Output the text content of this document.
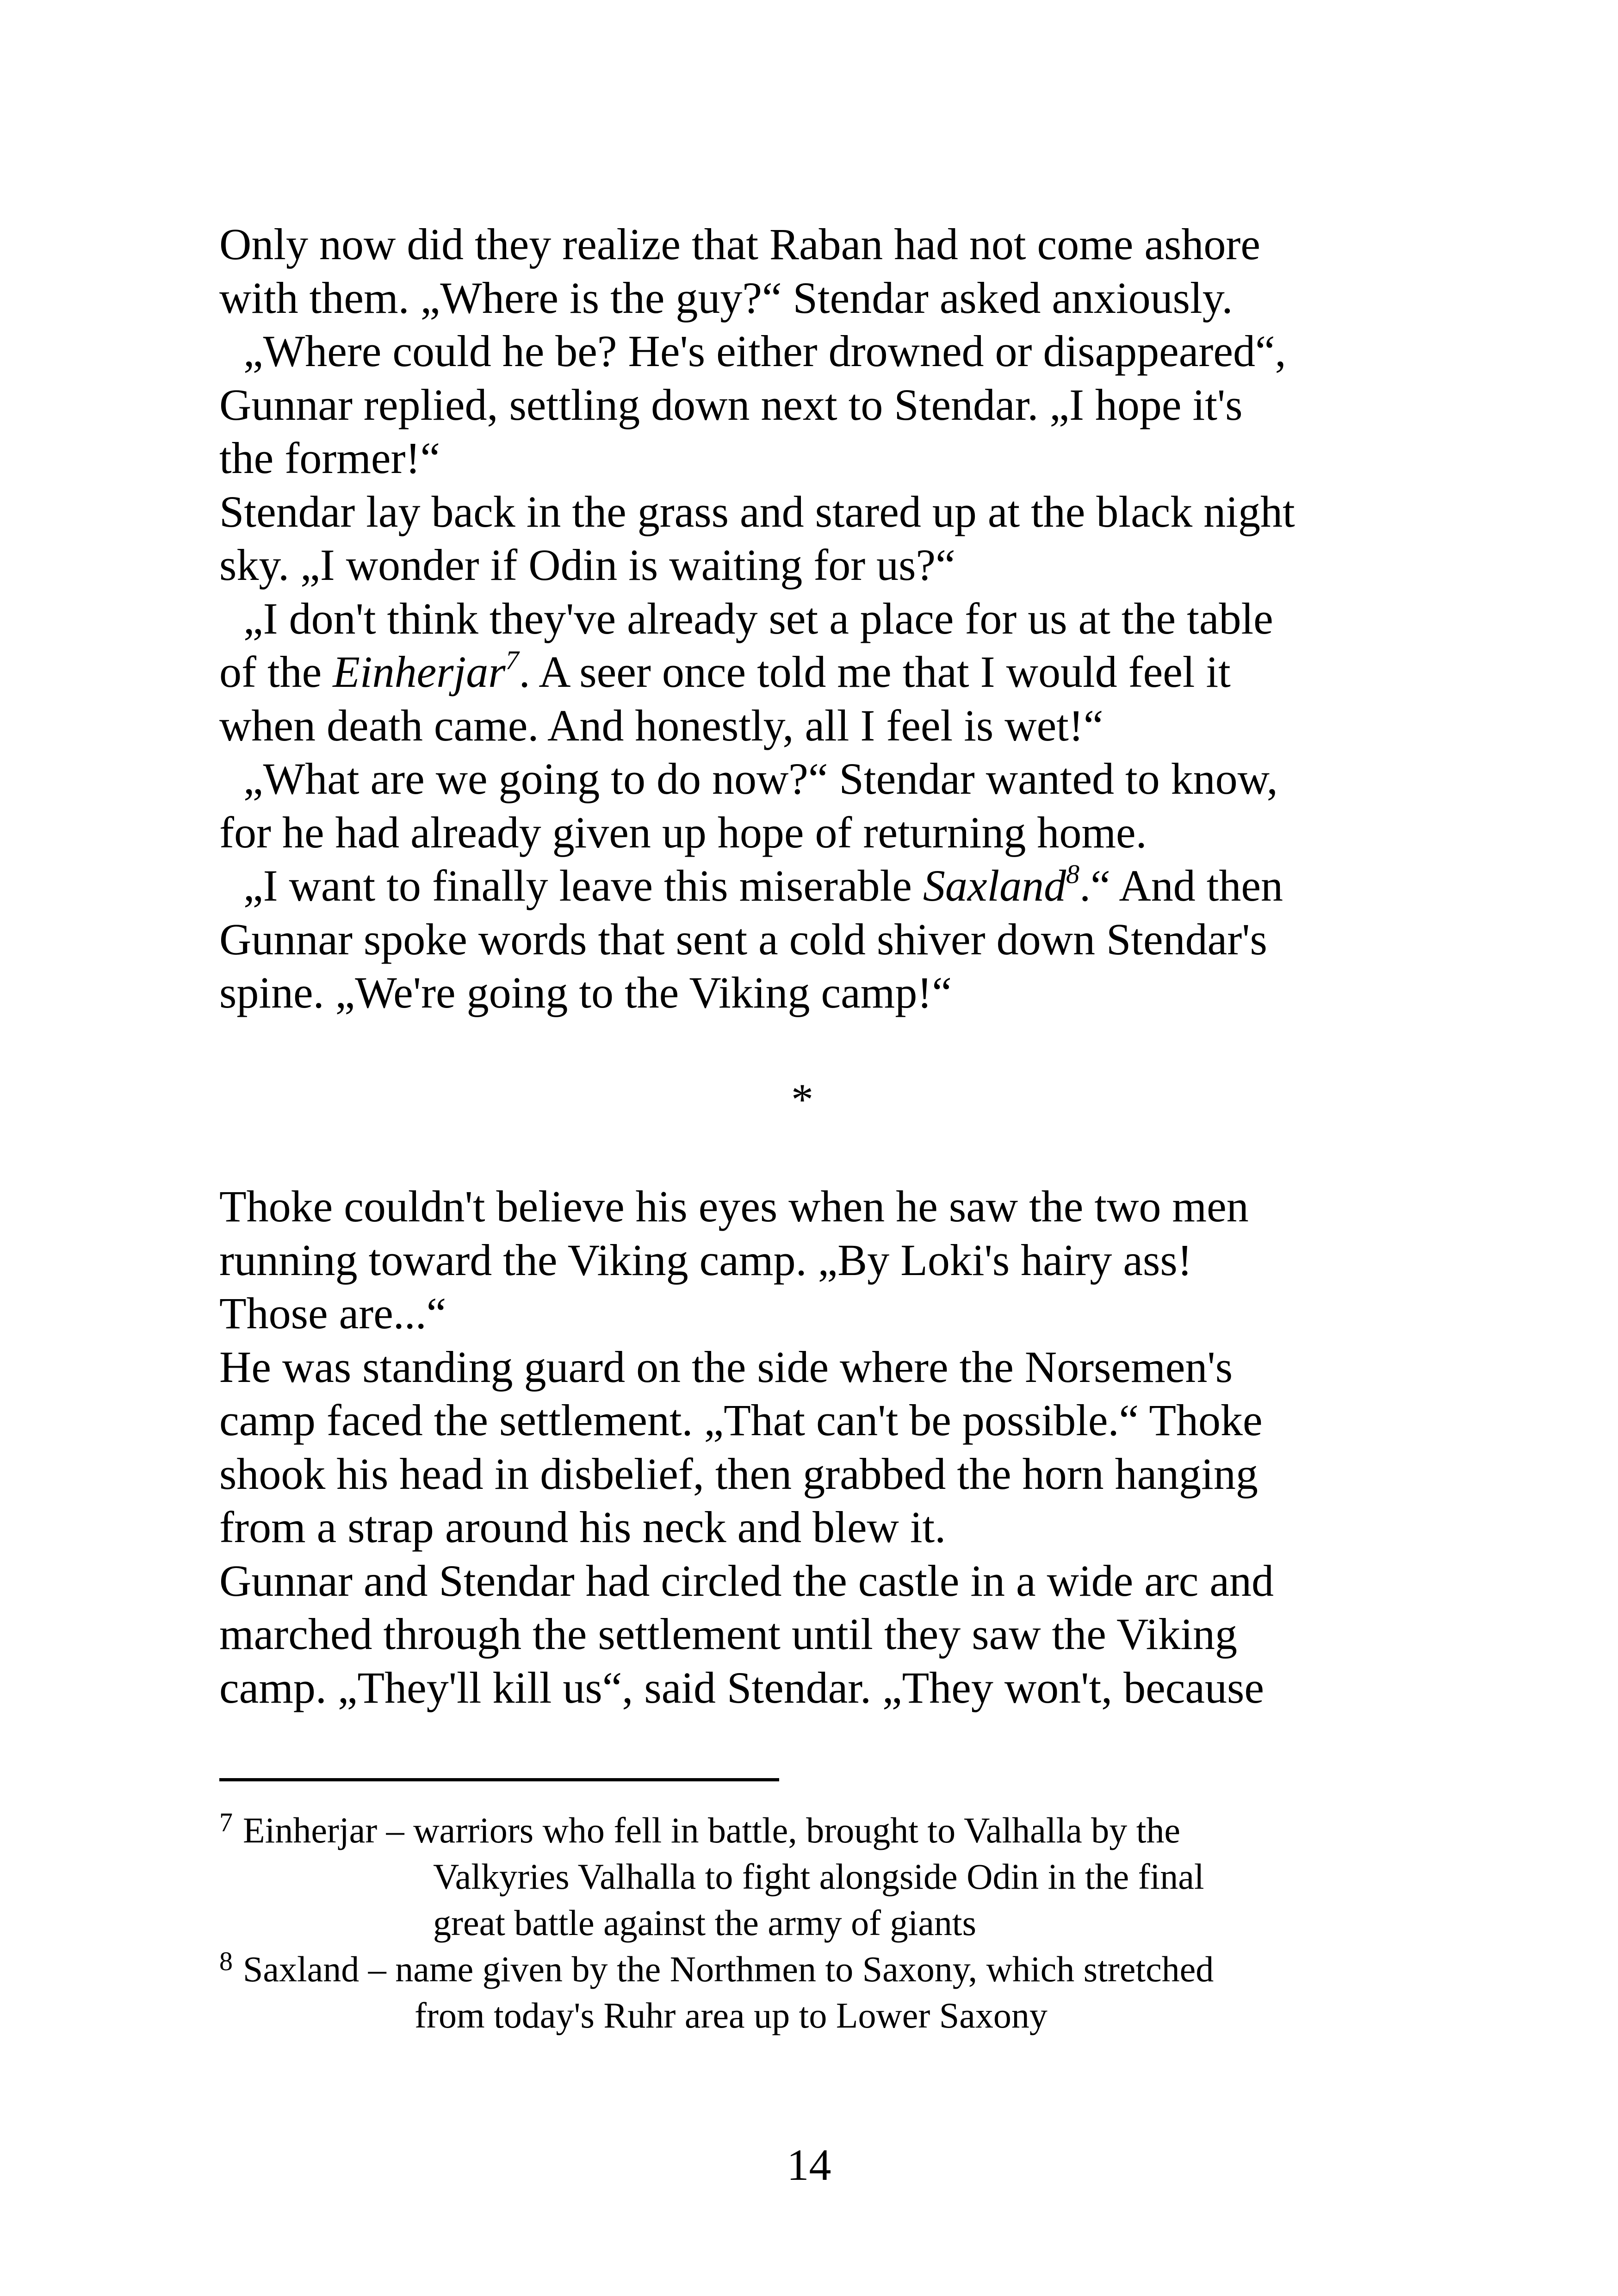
Only now did they realize that Raban had not come ashore
with them. „Where is the guy?“ Stendar asked anxiously.
„Where could he be? He's either drowned or disappeared“,
Gunnar replied, settling down next to Stendar. „I hope it's
the former!“
Stendar lay back in the grass and stared up at the black night
sky. „I wonder if Odin is waiting for us?“
„I don't think they've already set a place for us at the table
of the Einherjar$^7$. A seer once told me that I would feel it
when death came. And honestly, all I feel is wet!“
„What are we going to do now?“ Stendar wanted to know,
for he had already given up hope of returning home.
„I want to finally leave this miserable Saxland$^8$.“ And then
Gunnar spoke words that sent a cold shiver down Stendar's
spine. „We're going to the Viking camp!“
*
Thoke couldn't believe his eyes when he saw the two men
running toward the Viking camp. „By Loki's hairy ass!
Those are...“
He was standing guard on the side where the Norsemen's
camp faced the settlement. „That can't be possible.“ Thoke
shook his head in disbelief, then grabbed the horn hanging
from a strap around his neck and blew it.
Gunnar and Stendar had circled the castle in a wide arc and
marched through the settlement until they saw the Viking
camp. „They'll kill us“, said Stendar. „They won't, because
$^7$ Einherjar – warriors who fell in battle, brought to Valhalla by the
Valkyries Valhalla to fight alongside Odin in the final
great battle against the army of giants
$^8$ Saxland – name given by the Northmen to Saxony, which stretched
from today's Ruhr area up to Lower Saxony
14
